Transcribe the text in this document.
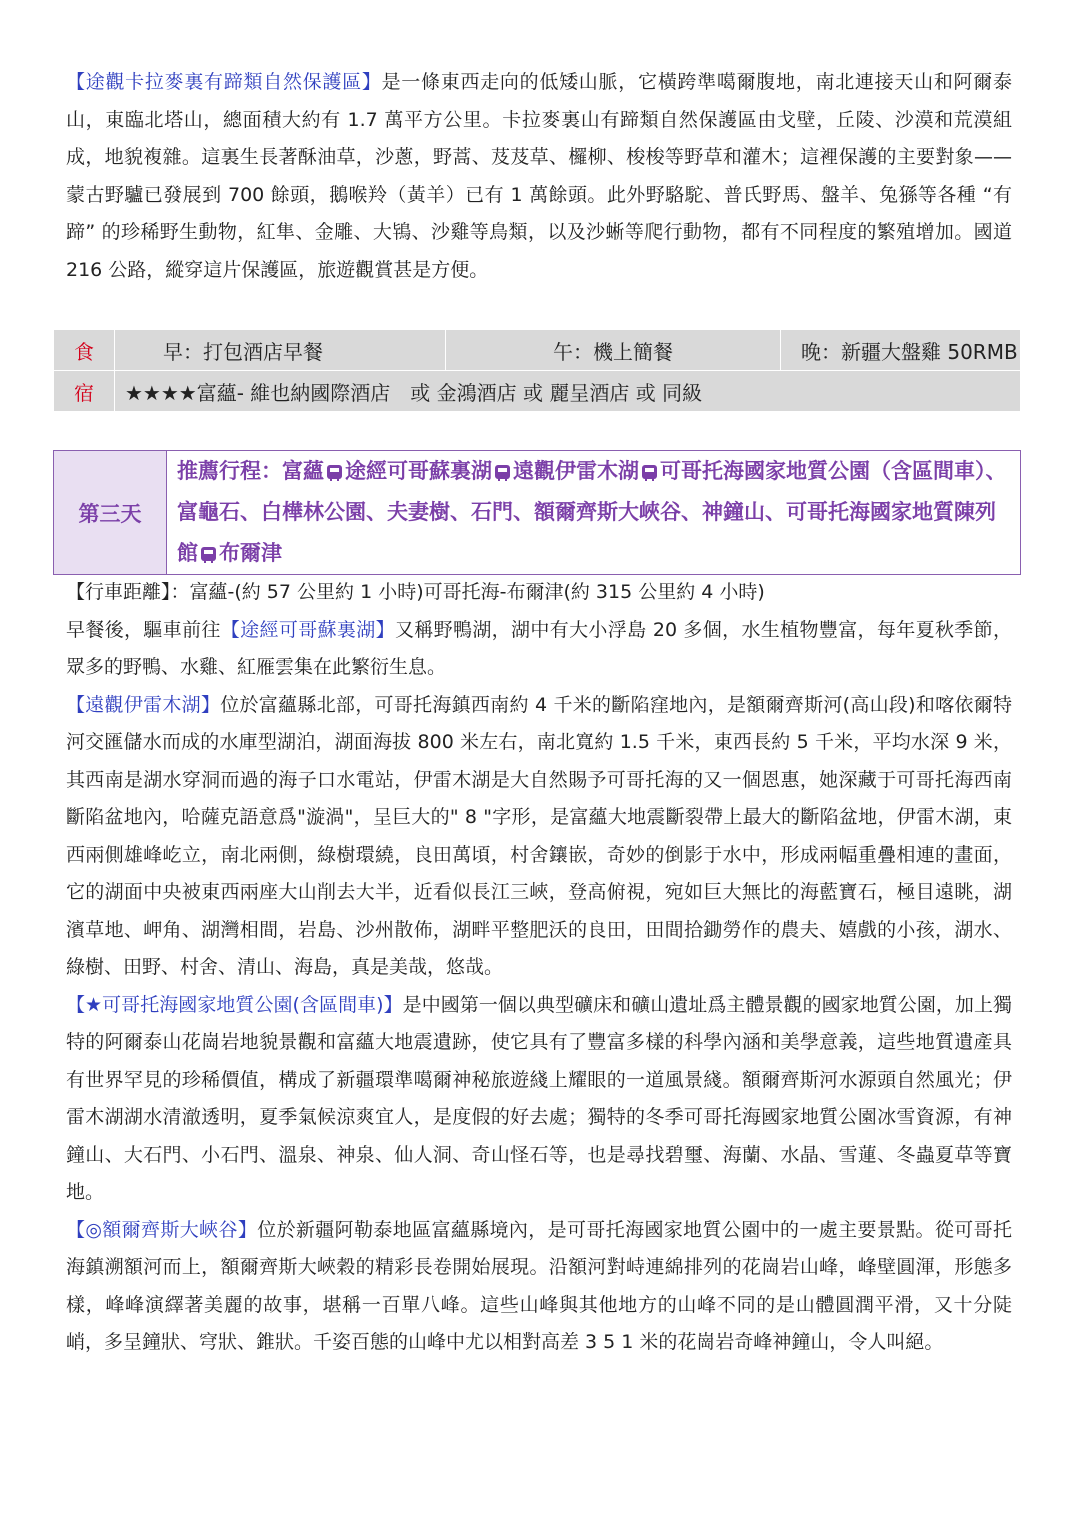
【途觀卡拉麥裏有蹄類自然保護區】是一條東西走向的低矮山脈，它橫跨準噶爾腹地，南北連接天山和阿爾泰山，東臨北塔山，總面積大約有 1.7 萬平方公里。卡拉麥裏山有蹄類自然保護區由戈壁，丘陵、沙漠和荒漠組成，地貌複雜。這裏生長著酥油草，沙蔥，野蒿、芨芨草、欏柳、梭梭等野草和灌木；這裡保護的主要對象——蒙古野驢已發展到 700 餘頭，鵝喉羚（黃羊）已有 1 萬餘頭。此外野駱駝、普氏野馬、盤羊、兔猻等各種 “有蹄” 的珍稀野生動物，紅隼、金雕、大鴇、沙雞等鳥類，以及沙蜥等爬行動物，都有不同程度的繁殖增加。國道 216 公路，縱穿這片保護區，旅遊觀賞甚是方便。

食	早：打包酒店早餐	午：機上簡餐	晚：新疆大盤雞 50RMB
宿	★★★★富蘊- 維也納國際酒店　或 金鴻酒店 或 麗呈酒店 或 同級		
第三天	推薦行程：富蘊 途經可哥蘇裏湖 遠觀伊雷木湖 可哥托海國家地質公園（含區間車）、富龜石、白樺林公園、夫妻樹、石門、額爾齊斯大峽谷、神鐘山、可哥托海國家地質陳列館 布爾津

【行車距離】：富蘊-(約 57 公里約 1 小時)可哥托海-布爾津(約 315 公里約 4 小時)

早餐後，驅車前往【途經可哥蘇裏湖】又稱野鴨湖，湖中有大小浮島 20 多個，水生植物豐富，每年夏秋季節，眾多的野鴨、水雞、紅雁雲集在此繁衍生息。

【遠觀伊雷木湖】位於富蘊縣北部，可哥托海鎮西南約 4 千米的斷陷窪地內，是額爾齊斯河(高山段)和喀依爾特河交匯儲水而成的水庫型湖泊，湖面海拔 800 米左右，南北寬約 1.5 千米，東西長約 5 千米，平均水深 9 米，其西南是湖水穿洞而過的海子口水電站，伊雷木湖是大自然賜予可哥托海的又一個恩惠，她深藏于可哥托海西南斷陷盆地內，哈薩克語意爲"漩渦"，呈巨大的" 8 "字形，是富蘊大地震斷裂帶上最大的斷陷盆地，伊雷木湖，東西兩側雄峰屹立，南北兩側，綠樹環繞，良田萬頃，村舍鑲嵌，奇妙的倒影于水中，形成兩幅重疊相連的畫面，它的湖面中央被東西兩座大山削去大半，近看似長江三峽，登高俯視，宛如巨大無比的海藍寶石，極目遠眺，湖濱草地、岬角、湖灣相間，岩島、沙州散佈，湖畔平整肥沃的良田，田間拾鋤勞作的農夫、嬉戲的小孩，湖水、綠樹、田野、村舍、清山、海島，真是美哉，悠哉。

【★可哥托海國家地質公園(含區間車)】是中國第一個以典型礦床和礦山遺址爲主體景觀的國家地質公園，加上獨特的阿爾泰山花崗岩地貌景觀和富蘊大地震遺跡，使它具有了豐富多樣的科學內涵和美學意義，這些地質遺產具有世界罕見的珍稀價值，構成了新疆環準噶爾神秘旅遊綫上耀眼的一道風景綫。額爾齊斯河水源頭自然風光；伊雷木湖湖水清澈透明，夏季氣候涼爽宜人，是度假的好去處；獨特的冬季可哥托海國家地質公園冰雪資源，有神鐘山、大石門、小石門、溫泉、神泉、仙人洞、奇山怪石等，也是尋找碧璽、海蘭、水晶、雪蓮、冬蟲夏草等寶地。

【◎額爾齊斯大峽谷】位於新疆阿勒泰地區富蘊縣境內，是可哥托海國家地質公園中的一處主要景點。從可哥托海鎮溯額河而上，額爾齊斯大峽穀的精彩長卷開始展現。沿額河對峙連綿排列的花崗岩山峰，峰壁圓渾，形態多樣，峰峰演繹著美麗的故事，堪稱一百單八峰。這些山峰與其他地方的山峰不同的是山體圓潤平滑，又十分陡峭，多呈鐘狀、穹狀、錐狀。千姿百態的山峰中尤以相對高差 3 5 1 米的花崗岩奇峰神鐘山，令人叫絕。
